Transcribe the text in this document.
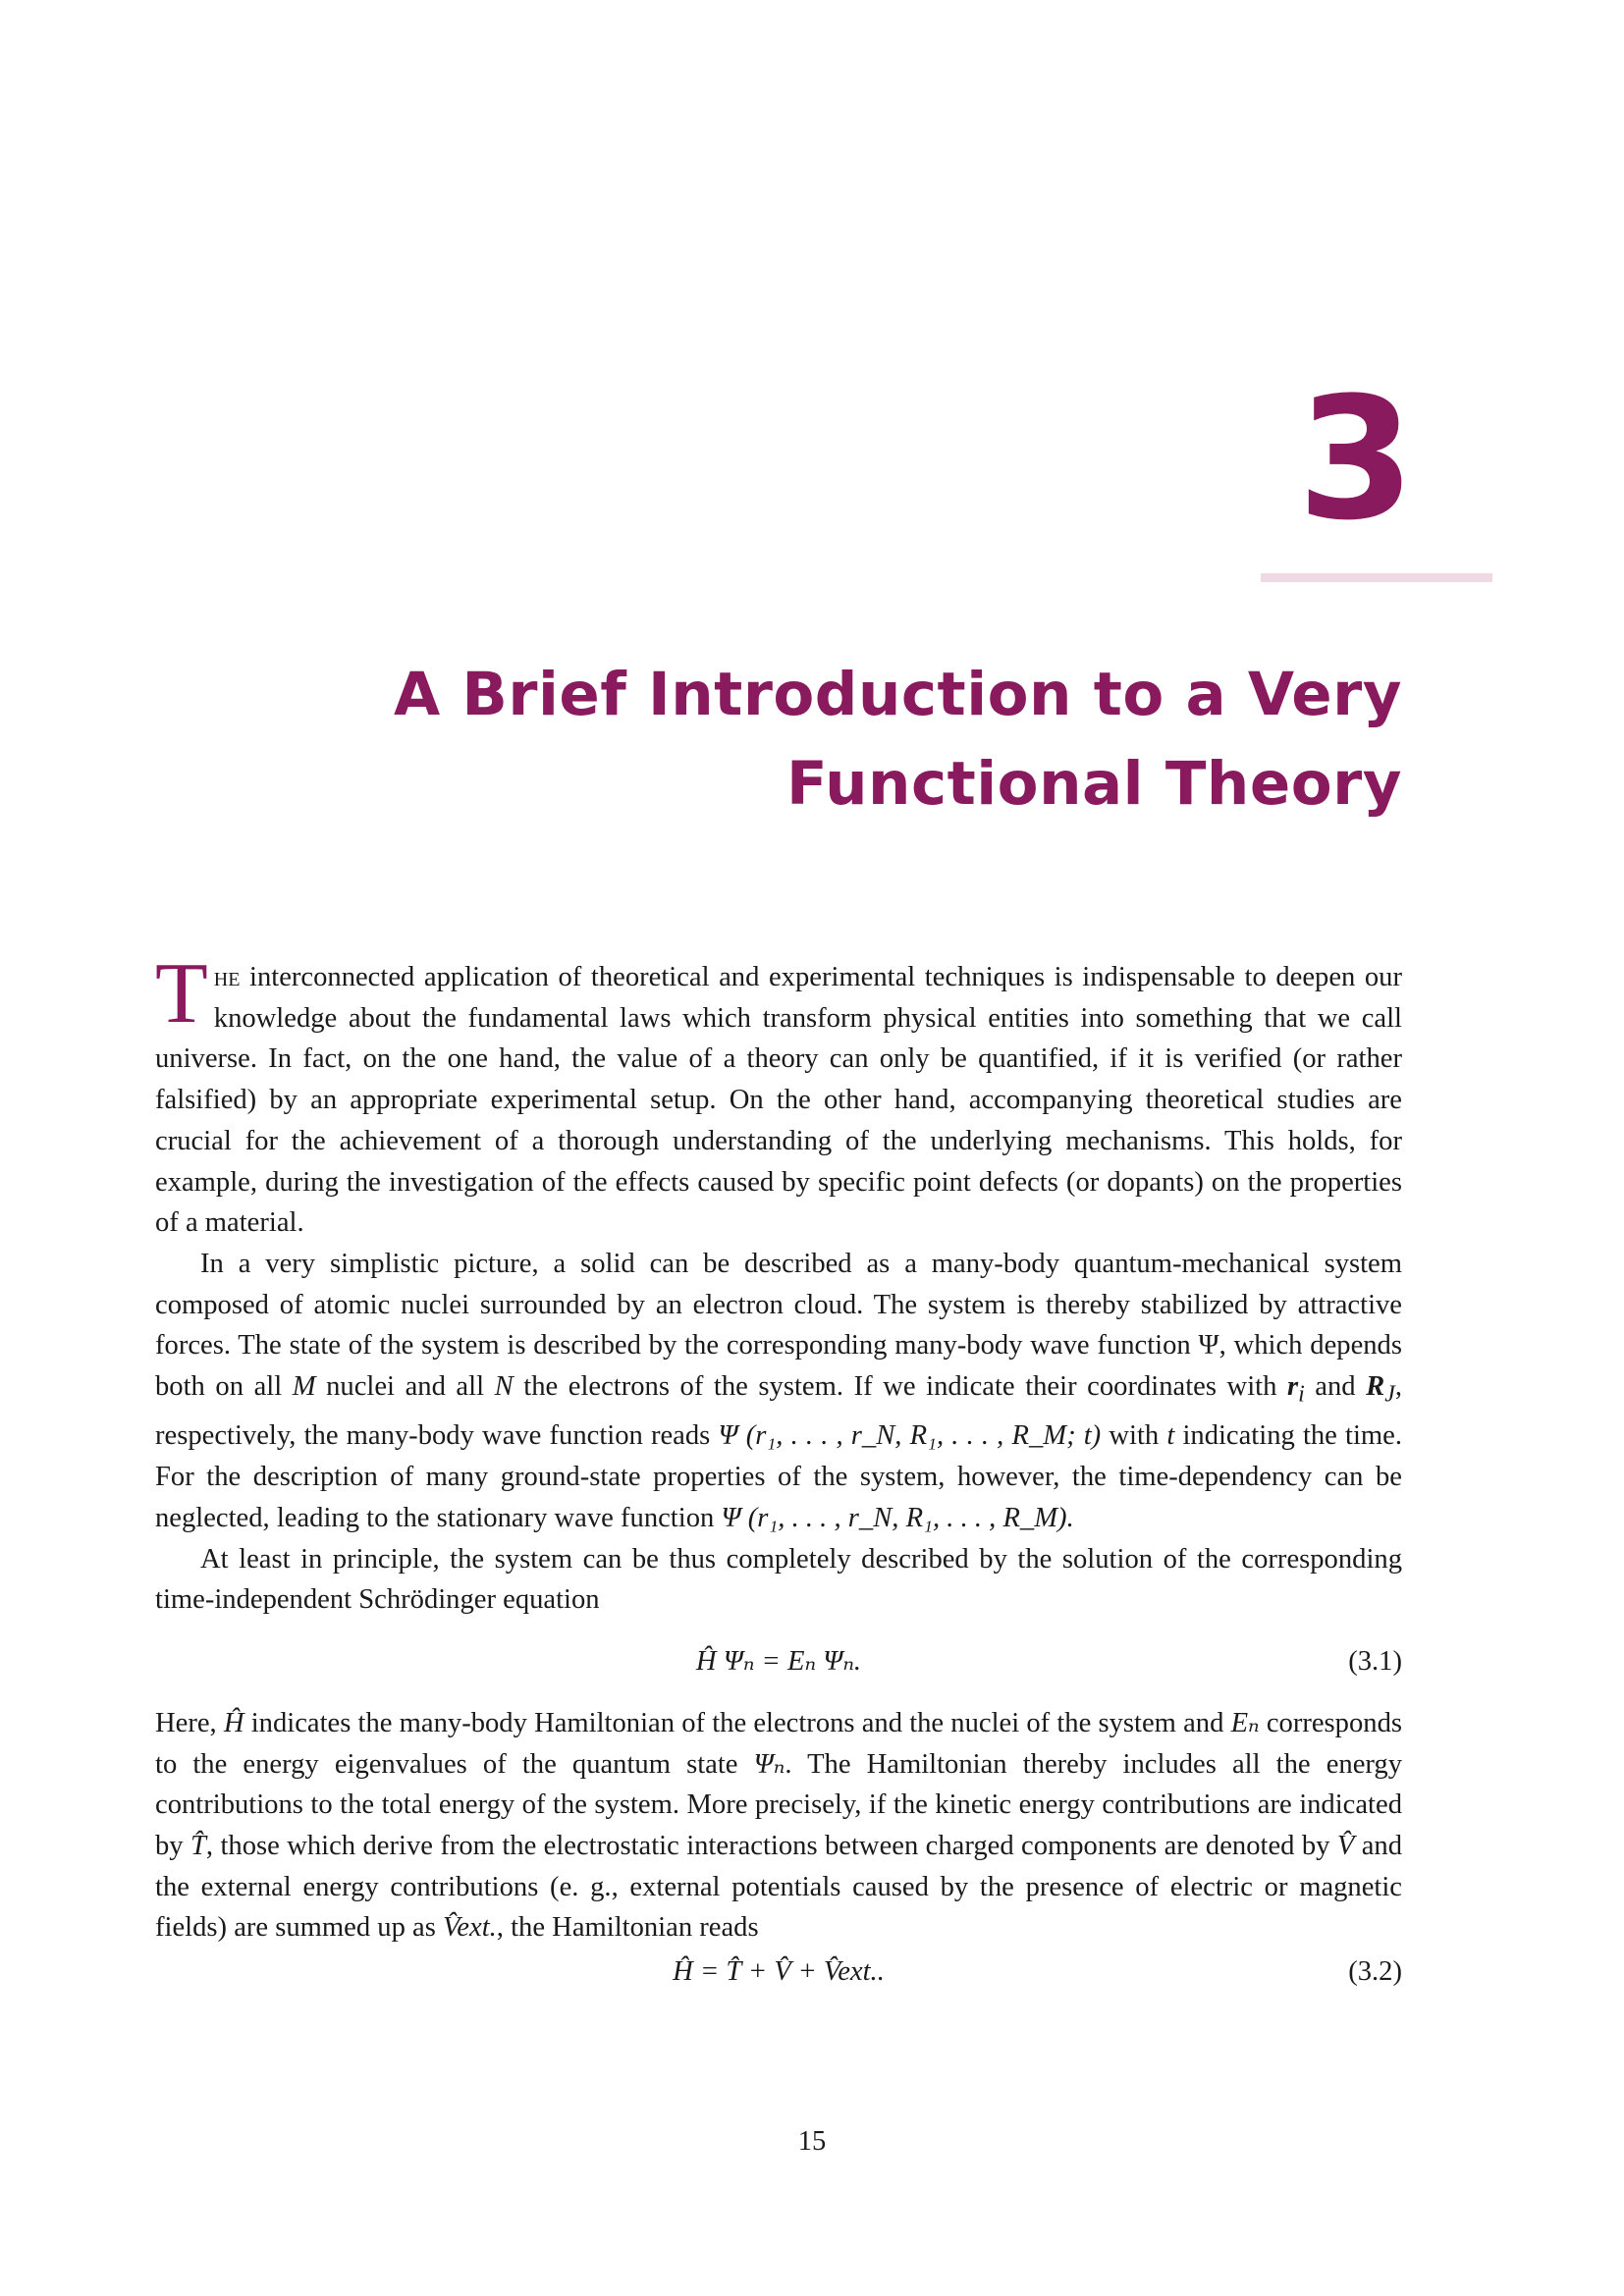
3
A Brief Introduction to a Very Functional Theory

The interconnected application of theoretical and experimental techniques is indispensable to deepen our knowledge about the fundamental laws which transform physical entities into something that we call universe. In fact, on the one hand, the value of a theory can only be quantified, if it is verified (or rather falsified) by an appropriate experimental setup. On the other hand, accompanying theoretical studies are crucial for the achievement of a thorough understanding of the underlying mechanisms. This holds, for example, during the investigation of the effects caused by specific point defects (or dopants) on the properties of a material.

In a very simplistic picture, a solid can be described as a many-body quantum-mechanical system composed of atomic nuclei surrounded by an electron cloud. The system is thereby stabilized by attractive forces. The state of the system is described by the corresponding many-body wave function Ψ, which depends both on all M nuclei and all N the electrons of the system. If we indicate their coordinates with $r_i$ and $R_J$, respectively, the many-body wave function reads Ψ (r₁, . . . , r_N, R₁, . . . , R_M; t) with t indicating the time. For the description of many ground-state properties of the system, however, the time-dependency can be neglected, leading to the stationary wave function Ψ (r₁, . . . , r_N, R₁, . . . , R_M).

At least in principle, the system can be thus completely described by the solution of the corresponding time-independent Schrödinger equation

Ĥ Ψₙ = Eₙ Ψₙ.	(3.1)

Here, Ĥ indicates the many-body Hamiltonian of the electrons and the nuclei of the system and Eₙ corresponds to the energy eigenvalues of the quantum state Ψₙ. The Hamiltonian thereby includes all the energy contributions to the total energy of the system. More precisely, if the kinetic energy contributions are indicated by T̂, those which derive from the electrostatic interactions between charged components are denoted by V̂ and the external energy contributions (e. g., external potentials caused by the presence of electric or magnetic fields) are summed up as V̂ext., the Hamiltonian reads

Ĥ = T̂ + V̂ + V̂ext..	(3.2)
15
